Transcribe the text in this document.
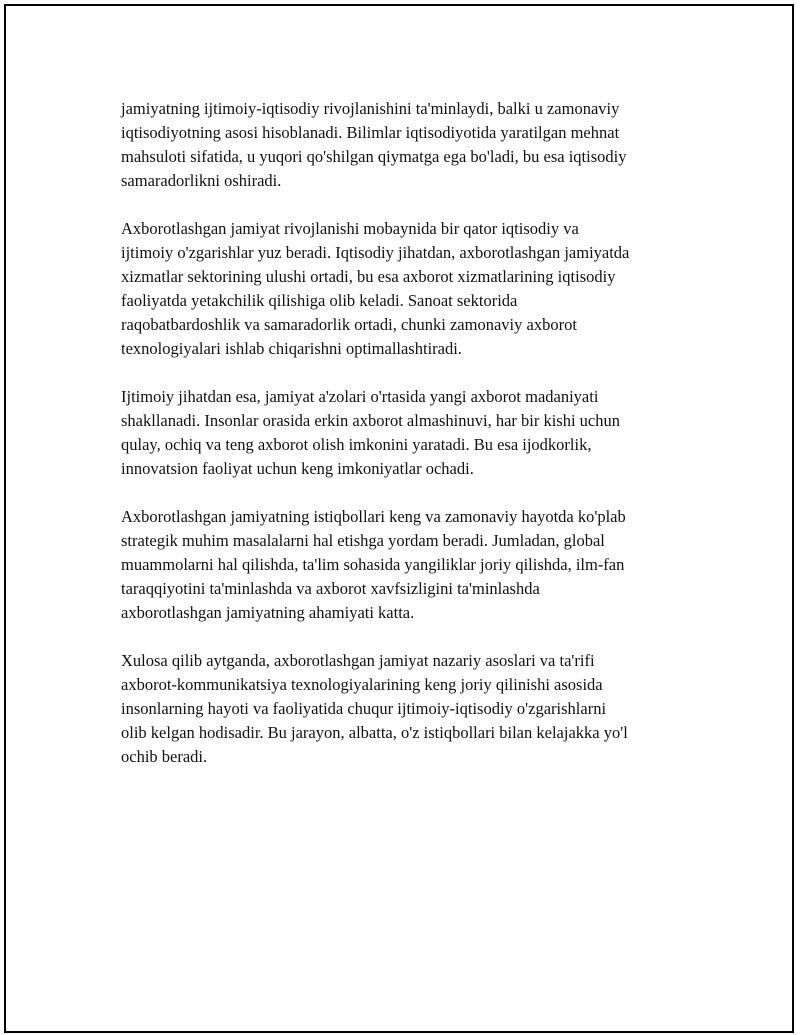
jamiyatning ijtimoiy-iqtisodiy rivojlanishini ta'minlaydi, balki u zamonaviy
iqtisodiyotning asosi hisoblanadi. Bilimlar iqtisodiyotida yaratilgan mehnat
mahsuloti sifatida, u yuqori qo'shilgan qiymatga ega bo'ladi, bu esa iqtisodiy
samaradorlikni oshiradi.

Axborotlashgan jamiyat rivojlanishi mobaynida bir qator iqtisodiy va
ijtimoiy o'zgarishlar yuz beradi. Iqtisodiy jihatdan, axborotlashgan jamiyatda
xizmatlar sektorining ulushi ortadi, bu esa axborot xizmatlarining iqtisodiy
faoliyatda yetakchilik qilishiga olib keladi. Sanoat sektorida
raqobatbardoshlik va samaradorlik ortadi, chunki zamonaviy axborot
texnologiyalari ishlab chiqarishni optimallashtiradi.

Ijtimoiy jihatdan esa, jamiyat a'zolari o'rtasida yangi axborot madaniyati
shakllanadi. Insonlar orasida erkin axborot almashinuvi, har bir kishi uchun
qulay, ochiq va teng axborot olish imkonini yaratadi. Bu esa ijodkorlik,
innovatsion faoliyat uchun keng imkoniyatlar ochadi.

Axborotlashgan jamiyatning istiqbollari keng va zamonaviy hayotda ko'plab
strategik muhim masalalarni hal etishga yordam beradi. Jumladan, global
muammolarni hal qilishda, ta'lim sohasida yangiliklar joriy qilishda, ilm-fan
taraqqiyotini ta'minlashda va axborot xavfsizligini ta'minlashda
axborotlashgan jamiyatning ahamiyati katta.

Xulosa qilib aytganda, axborotlashgan jamiyat nazariy asoslari va ta'rifi
axborot-kommunikatsiya texnologiyalarining keng joriy qilinishi asosida
insonlarning hayoti va faoliyatida chuqur ijtimoiy-iqtisodiy o'zgarishlarni
olib kelgan hodisadir. Bu jarayon, albatta, o'z istiqbollari bilan kelajakka yo'l
ochib beradi.
